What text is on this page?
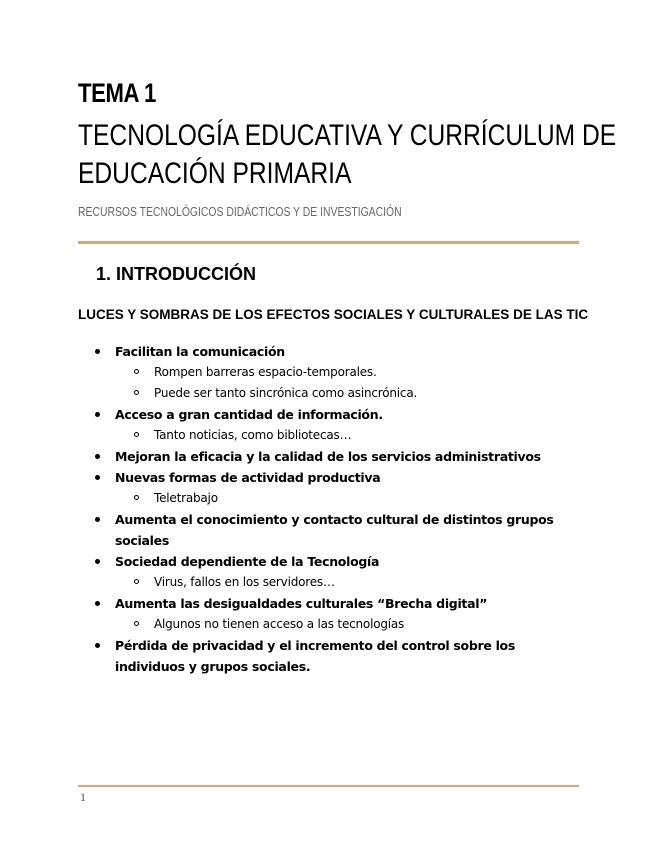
TEMA 1
TECNOLOGÍA EDUCATIVA Y CURRÍCULUM DE
EDUCACIÓN PRIMARIA
RECURSOS TECNOLÓGICOS DIDÁCTICOS Y DE INVESTIGACIÓN
1. INTRODUCCIÓN
LUCES Y SOMBRAS DE LOS EFECTOS SOCIALES Y CULTURALES DE LAS TIC
Facilitan la comunicación
Rompen barreras espacio-temporales.
Puede ser tanto sincrónica como asincrónica.
Acceso a gran cantidad de información.
Tanto noticias, como bibliotecas…
Mejoran la eficacia y la calidad de los servicios administrativos
Nuevas formas de actividad productiva
Teletrabajo
Aumenta el conocimiento y contacto cultural de distintos grupos sociales
Sociedad dependiente de la Tecnología
Virus, fallos en los servidores…
Aumenta las desigualdades culturales “Brecha digital”
Algunos no tienen acceso a las tecnologías
Pérdida de privacidad y el incremento del control sobre los individuos y grupos sociales.
1
